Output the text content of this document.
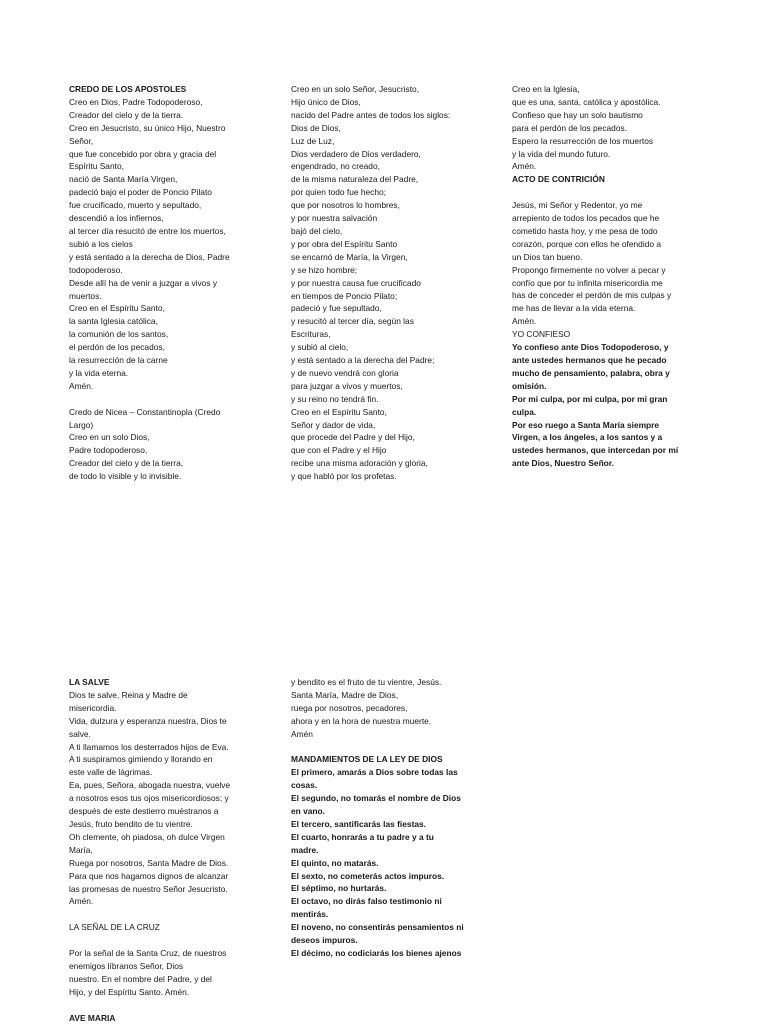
CREDO DE LOS APOSTOLES
Creo en Dios, Padre Todopoderoso,
Creador del cielo y de la tierra.
Creo en Jesucristo, su único Hijo, Nuestro
Señor,
que fue concebido por obra y gracia del
Espíritu Santo,
nació de Santa María Virgen,
padeció bajo el poder de Poncio Pilato
fue crucificado, muerto y sepultado,
descendió a los infiernos,
al tercer día resucitó de entre los muertos,
subió a los cielos
y está sentado a la derecha de Dios, Padre
todopoderoso.
Desde allí ha de venir a juzgar a vivos y
muertos.
Creo en el Espíritu Santo,
la santa Iglesia católica,
la comunión de los santos,
el perdón de los pecados,
la resurrección de la carne
y la vida eterna.
Amén.
Credo de Nicea – Constantinopla (Credo
Largo)
Creo en un solo Dios,
Padre todopoderoso,
Creador del cielo y de la tierra,
de todo lo visible y lo invisible.
Creo en un solo Señor, Jesucristo,
Hijo único de Dios,
nacido del Padre antes de todos los siglos:
Dios de Dios,
Luz de Luz,
Dios verdadero de Dios verdadero,
engendrado, no creado,
de la misma naturaleza del Padre,
por quien todo fue hecho;
que por nosotros lo hombres,
y por nuestra salvación
bajó del cielo,
y por obra del Espíritu Santo
se encarnó de María, la Virgen,
y se hizo hombre;
y por nuestra causa fue crucificado
en tiempos de Poncio Pilato;
padeció y fue sepultado,
y resucitó al tercer día, según las
Escrituras,
y subió al cielo,
y está sentado a la derecha del Padre;
y de nuevo vendrá con gloria
para juzgar a vivos y muertos,
y su reino no tendrá fin.
Creo en el Espíritu Santo,
Señor y dador de vida,
que procede del Padre y del Hijo,
que con el Padre y el Hijo
recibe una misma adoración y gloria,
y que habló por los profetas.
Creo en la Iglesia,
que es una, santa, católica y apostólica.
Confieso que hay un solo bautismo
para el perdón de los pecados.
Espero la resurrección de los muertos
y la vida del mundo futuro.
Amén.
ACTO DE CONTRICIÓN
Jesús, mi Señor y Redentor, yo me
arrepiento de todos los pecados que he
cometido hasta hoy, y me pesa de todo
corazón, porque con ellos he ofendido a
un Dios tan bueno.
Propongo firmemente no volver a pecar y
confío que por tu infinita misericordia me
has de conceder el perdón de mis culpas y
me has de llevar a la vida eterna.
Amén.
YO CONFIESO
Yo confieso ante Dios Todopoderoso, y
ante ustedes hermanos que he pecado
mucho de pensamiento, palabra, obra y
omisión.
Por mi culpa, por mi culpa, por mi gran
culpa.
Por eso ruego a Santa María siempre
Virgen, a los ángeles, a los santos y a
ustedes hermanos, que intercedan por mí
ante Dios, Nuestro Señor.
LA SALVE
Dios te salve, Reina y Madre de
misericordia.
Vida, dulzura y esperanza nuestra, Dios te
salve.
A ti llamamos los desterrados hijos de Eva.
A ti suspiramos gimiendo y llorando en
este valle de lágrimas.
Ea, pues, Señora, abogada nuestra, vuelve
a nosotros esos tus ojos misericordiosos; y
después de este destierro muéstranos a
Jesús, fruto bendito de tu vientre.
Oh clemente, oh piadosa, oh dulce Virgen
María.
Ruega por nosotros, Santa Madre de Dios.
Para que nos hagamos dignos de alcanzar
las promesas de nuestro Señor Jesucristo.
Amén.
LA SEÑAL DE LA CRUZ
Por la señal de la Santa Cruz, de nuestros
enemigos líbranos Señor, Dios
nuestro. En el nombre del Padre, y del
Hijo, y del Espíritu Santo. Amén.
AVE MARIA
y bendito es el fruto de tu vientre, Jesús.
Santa María, Madre de Dios,
ruega por nosotros, pecadores,
ahora y en la hora de nuestra muerte.
Amén
MANDAMIENTOS DE LA LEY DE DIOS
El primero, amarás a Dios sobre todas las
cosas.
El segundo, no tomarás el nombre de Dios
en vano.
El tercero, santificarás las fiestas.
El cuarto, honrarás a tu padre y a tu
madre.
El quinto, no matarás.
El sexto, no cometerás actos impuros.
El séptimo, no hurtarás.
El octavo, no dirás falso testimonio ni
mentirás.
El noveno, no consentirás pensamientos ni
deseos impuros.
El décimo, no codiciarás los bienes ajenos
